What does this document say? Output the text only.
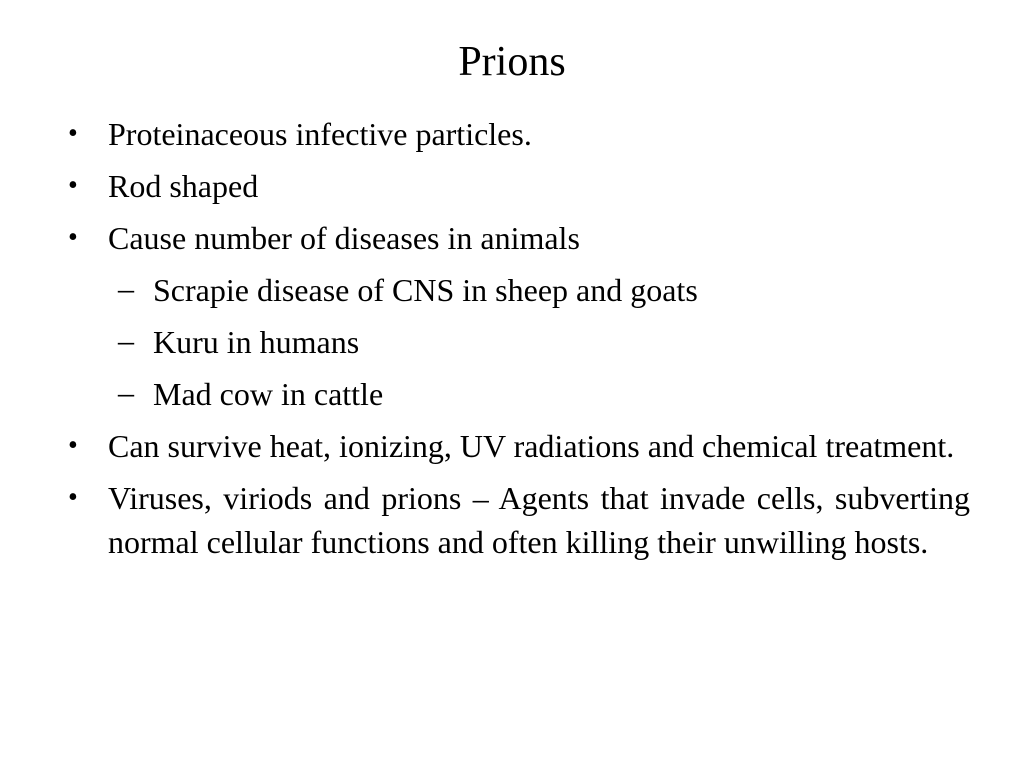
Prions
• Proteinaceous infective particles.
• Rod shaped
• Cause number of diseases in animals
– Scrapie disease of CNS in sheep and goats
– Kuru in humans
– Mad cow in cattle
• Can survive heat, ionizing, UV radiations and chemical treatment.
• Viruses, viriods and prions – Agents that invade cells, subverting normal cellular functions and often killing their unwilling hosts.
